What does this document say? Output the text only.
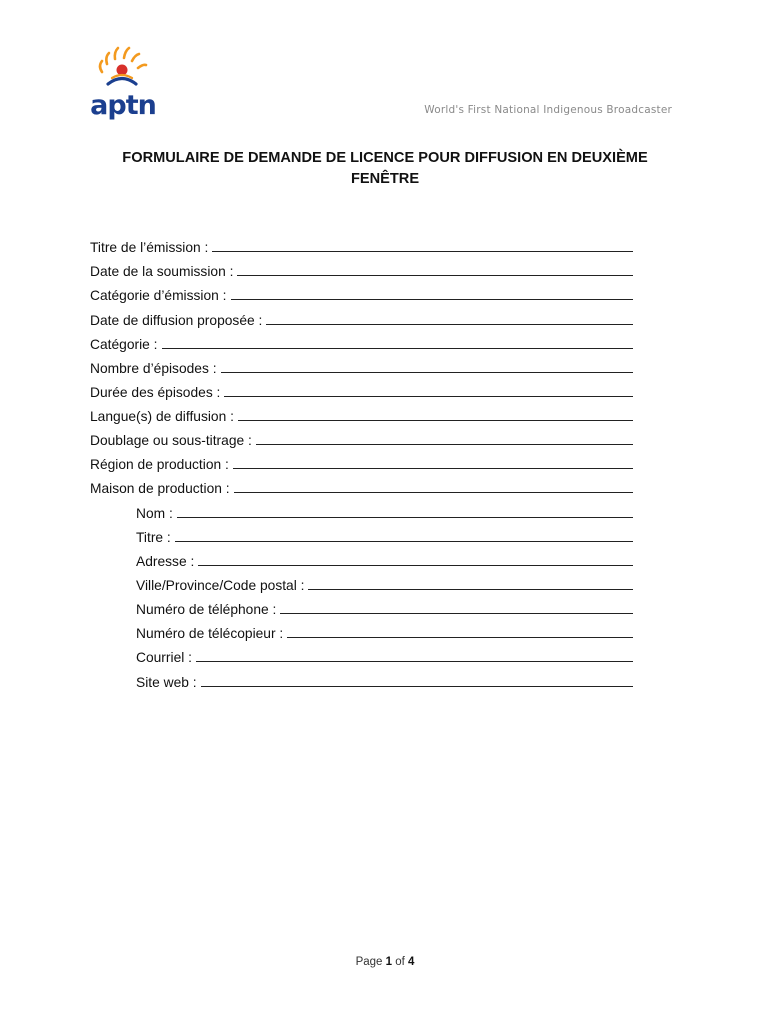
aptn	World's First National Indigenous Broadcaster
FORMULAIRE DE DEMANDE DE LICENCE POUR DIFFUSION EN DEUXIÈME
FENÊTRE
Titre de l’émission :
Date de la soumission :
Catégorie d’émission :
Date de diffusion proposée :
Catégorie :
Nombre d’épisodes :
Durée des épisodes :
Langue(s) de diffusion :
Doublage ou sous-titrage :
Région de production :
Maison de production :
Nom :
Titre :
Adresse :
Ville/Province/Code postal :
Numéro de téléphone :
Numéro de télécopieur :
Courriel :
Site web :
Page 1 of 4
